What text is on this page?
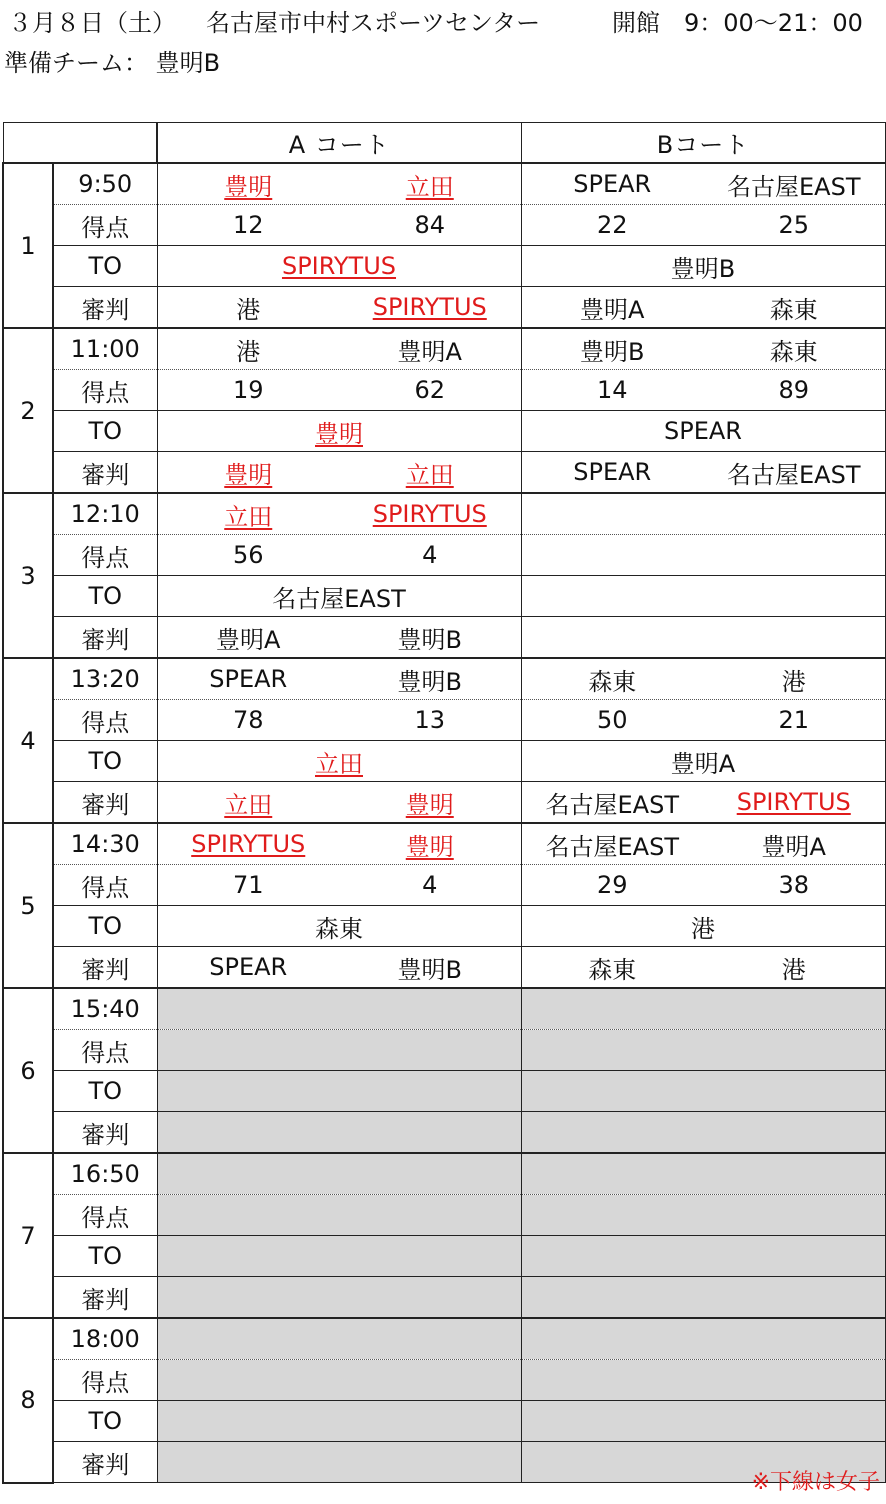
３月８日（土） 名古屋市中村スポーツセンター	開館　9：00～21：00
準備チーム： 豊明B
		A コート	Bコート
1	9:50	豊明 立田	SPEAR 名古屋EAST

	得点	12 84	22 25

	TO	SPIRYTUS	豊明B
	審判	港 SPIRYTUS	豊明A 森東

2	11:00	港 豊明A	豊明B 森東

	得点	19 62	14 89

	TO	豊明	SPEAR
	審判	豊明 立田	SPEAR 名古屋EAST

3	12:10	立田 SPIRYTUS	

	得点	56 4	

	TO	名古屋EAST	
	審判	豊明A 豊明B	

4	13:20	SPEAR 豊明B	森東 港

	得点	78 13	50 21

	TO	立田	豊明A
	審判	立田 豊明	名古屋EAST SPIRYTUS

5	14:30	SPIRYTUS 豊明	名古屋EAST 豊明A

	得点	71 4	29 38

	TO	森東	港
	審判	SPEAR 豊明B	森東 港

6	15:40		
	得点		
	TO		
	審判		
7	16:50		
	得点		
	TO		
	審判		
8	18:00		
	得点		
	TO		
	審判		
※下線は女子
